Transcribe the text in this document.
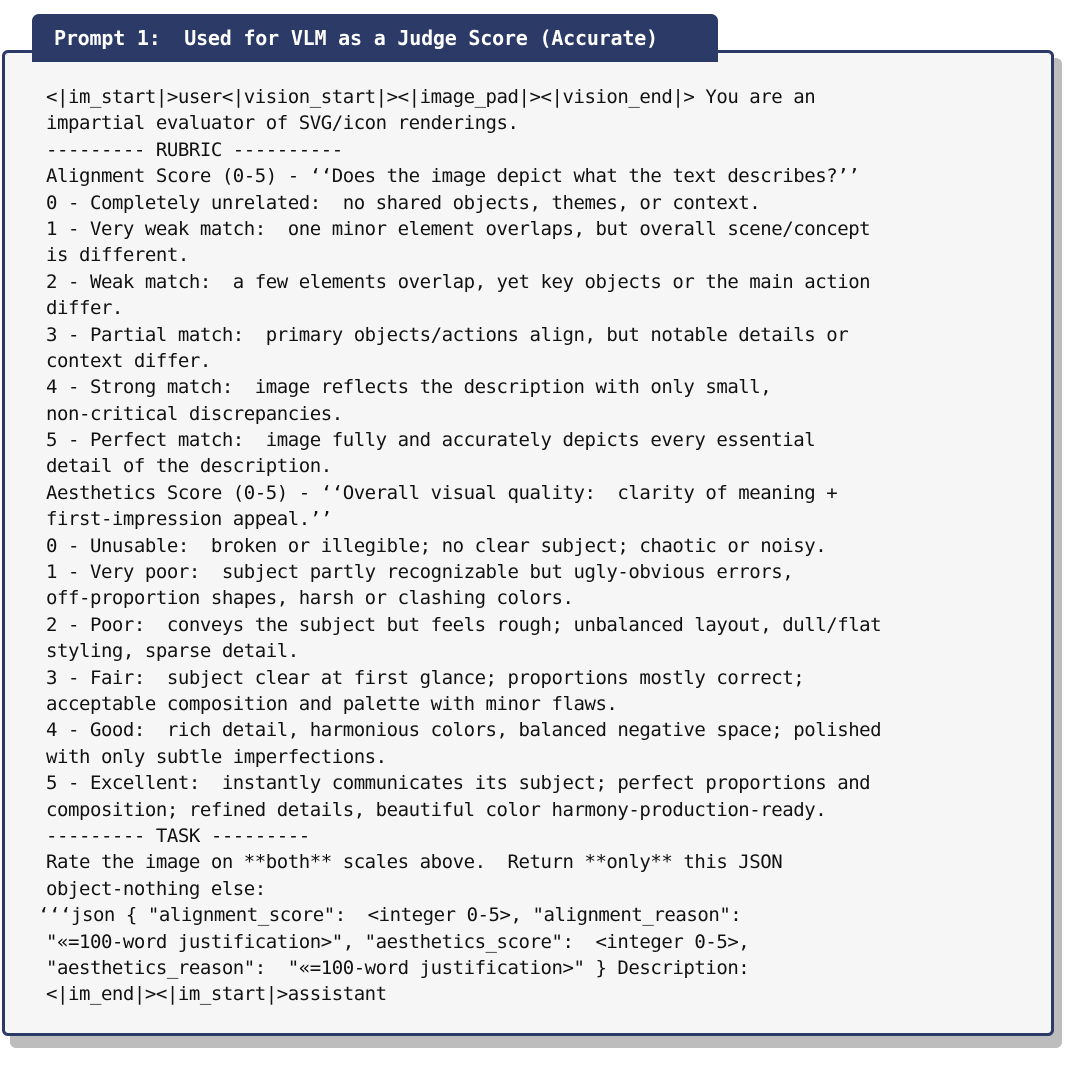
Prompt 1:  Used for VLM as a Judge Score (Accurate)
<|im_start|>user<|vision_start|><|image_pad|><|vision_end|> You are an
impartial evaluator of SVG/icon renderings.
--------- RUBRIC ----------
Alignment Score (0-5) - ‘‘Does the image depict what the text describes?’’
0 - Completely unrelated:  no shared objects, themes, or context.
1 - Very weak match:  one minor element overlaps, but overall scene/concept
is different.
2 - Weak match:  a few elements overlap, yet key objects or the main action
differ.
3 - Partial match:  primary objects/actions align, but notable details or
context differ.
4 - Strong match:  image reflects the description with only small,
non-critical discrepancies.
5 - Perfect match:  image fully and accurately depicts every essential
detail of the description.
Aesthetics Score (0-5) - ‘‘Overall visual quality:  clarity of meaning +
first-impression appeal.’’
0 - Unusable:  broken or illegible; no clear subject; chaotic or noisy.
1 - Very poor:  subject partly recognizable but ugly-obvious errors,
off-proportion shapes, harsh or clashing colors.
2 - Poor:  conveys the subject but feels rough; unbalanced layout, dull/flat
styling, sparse detail.
3 - Fair:  subject clear at first glance; proportions mostly correct;
acceptable composition and palette with minor flaws.
4 - Good:  rich detail, harmonious colors, balanced negative space; polished
with only subtle imperfections.
5 - Excellent:  instantly communicates its subject; perfect proportions and
composition; refined details, beautiful color harmony-production-ready.
--------- TASK ---------
Rate the image on **both** scales above.  Return **only** this JSON
object-nothing else:
‘‘‘json { "alignment_score":  <integer 0-5>, "alignment_reason":
"«=100-word justification>", "aesthetics_score":  <integer 0-5>,
"aesthetics_reason":  "«=100-word justification>" } Description:
<|im_end|><|im_start|>assistant
